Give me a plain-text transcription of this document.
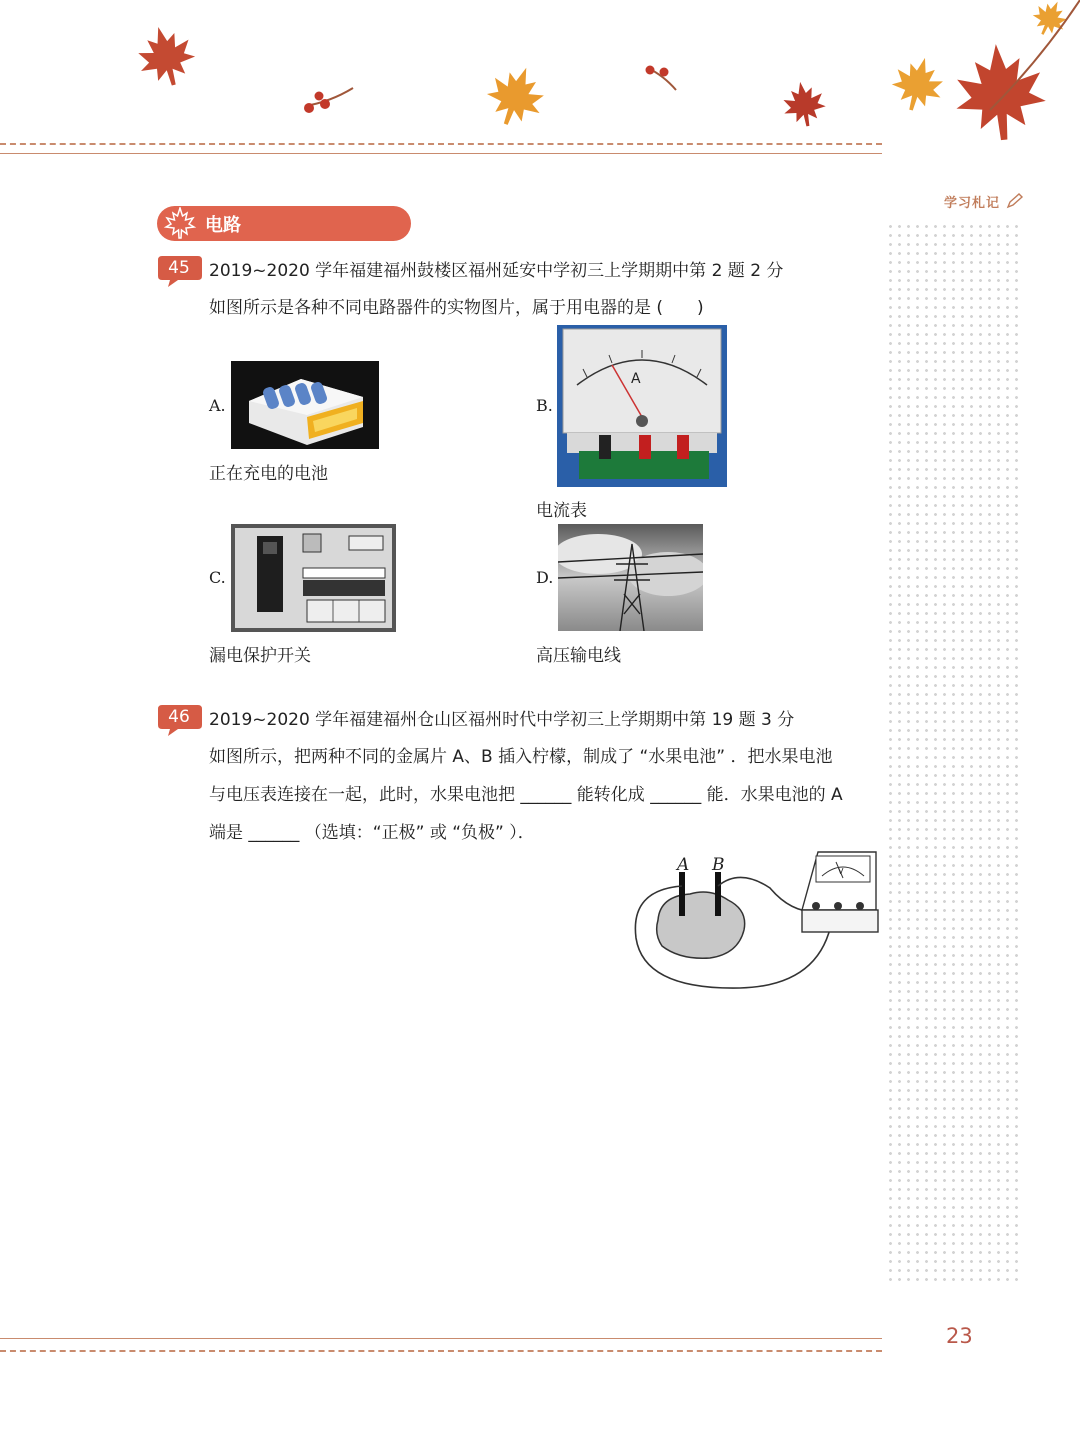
学习札记
电路
45	2019~2020 学年福建福州鼓楼区福州延安中学初三上学期期中第 2 题 2 分
如图所示是各种不同电路器件的实物图片，属于用电器的是 (　　)
A.
正在充电的电池
B.
A
电流表
C.
漏电保护开关
D.
高压输电线
46	2019~2020 学年福建福州仓山区福州时代中学初三上学期期中第 19 题 3 分
如图所示，把两种不同的金属片 A、B 插入柠檬，制成了 “水果电池” ．把水果电池
与电压表连接在一起，此时，水果电池把 ______ 能转化成 ______ 能．水果电池的 A
端是 ______ （选填：“正极” 或 “负极” ）．
A B	V
23
